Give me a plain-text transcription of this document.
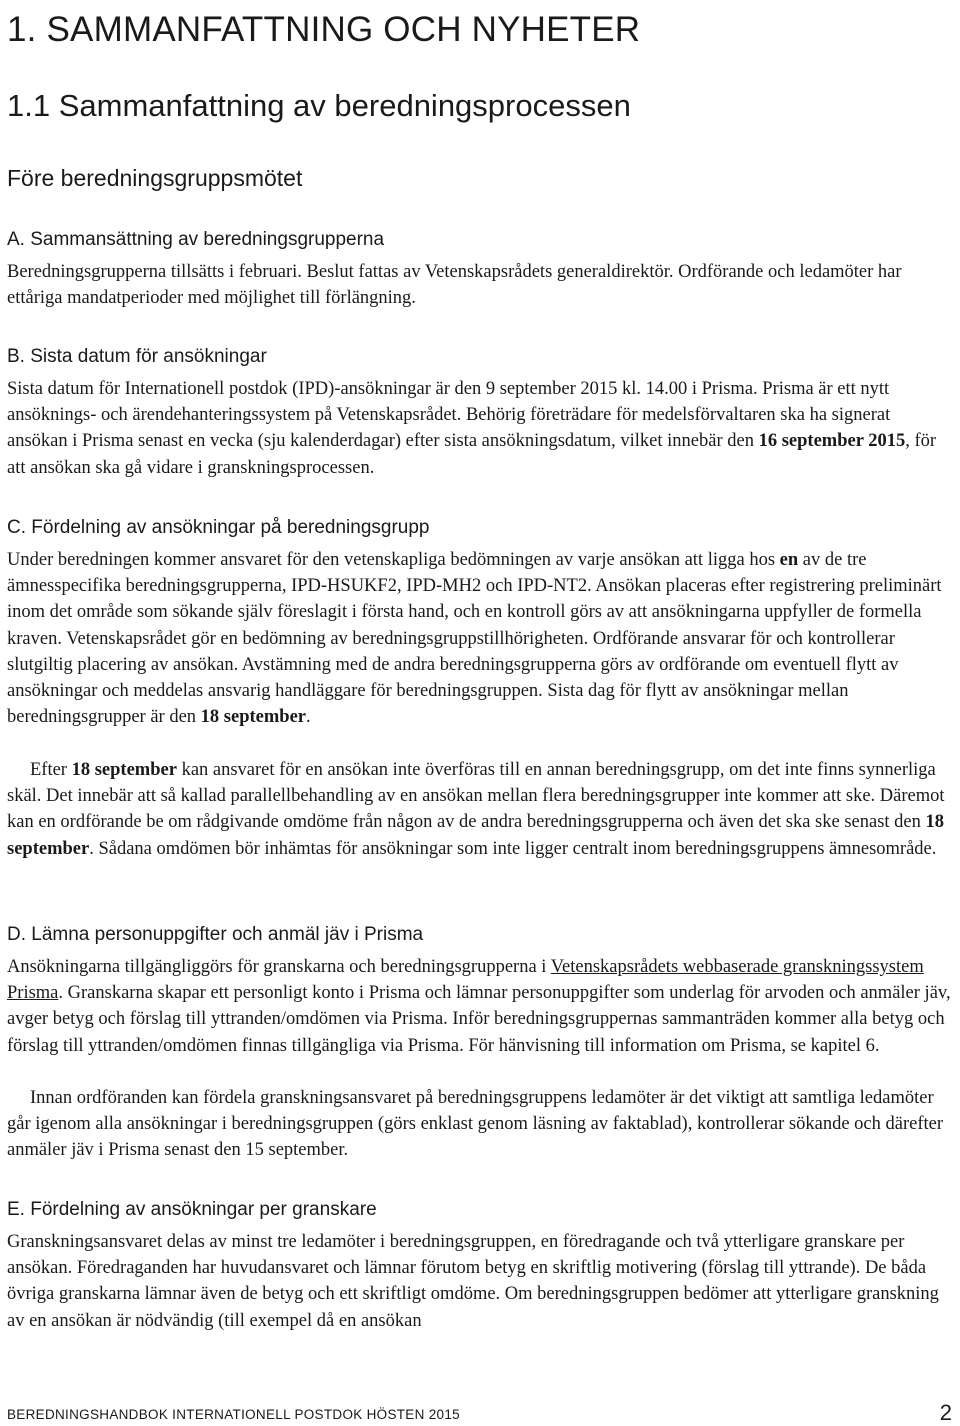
1. SAMMANFATTNING OCH NYHETER
1.1 Sammanfattning av beredningsprocessen
Före beredningsgruppsmötet
A. Sammansättning av beredningsgrupperna

Beredningsgrupperna tillsätts i februari. Beslut fattas av Vetenskapsrådets generaldirektör. Ordförande och ledamöter har ettåriga mandatperioder med möjlighet till förlängning.

B. Sista datum för ansökningar

Sista datum för Internationell postdok (IPD)-ansökningar är den 9 september 2015 kl. 14.00 i Prisma. Prisma är ett nytt ansöknings- och ärendehanteringssystem på Vetenskapsrådet. Behörig företrädare för medelsförvaltaren ska ha signerat ansökan i Prisma senast en vecka (sju kalenderdagar) efter sista ansökningsdatum, vilket innebär den 16 september 2015, för att ansökan ska gå vidare i granskningsprocessen.

C. Fördelning av ansökningar på beredningsgrupp

Under beredningen kommer ansvaret för den vetenskapliga bedömningen av varje ansökan att ligga hos en av de tre ämnesspecifika beredningsgrupperna, IPD-HSUKF2, IPD-MH2 och IPD-NT2. Ansökan placeras efter registrering preliminärt inom det område som sökande själv föreslagit i första hand, och en kontroll görs av att ansökningarna uppfyller de formella kraven. Vetenskapsrådet gör en bedömning av beredningsgruppstillhörigheten. Ordförande ansvarar för och kontrollerar slutgiltig placering av ansökan. Avstämning med de andra beredningsgrupperna görs av ordförande om eventuell flytt av ansökningar och meddelas ansvarig handläggare för beredningsgruppen. Sista dag för flytt av ansökningar mellan beredningsgrupper är den 18 september.

Efter 18 september kan ansvaret för en ansökan inte överföras till en annan beredningsgrupp, om det inte finns synnerliga skäl. Det innebär att så kallad parallellbehandling av en ansökan mellan flera beredningsgrupper inte kommer att ske. Däremot kan en ordförande be om rådgivande omdöme från någon av de andra beredningsgrupperna och även det ska ske senast den 18 september. Sådana omdömen bör inhämtas för ansökningar som inte ligger centralt inom beredningsgruppens ämnesområde.

D. Lämna personuppgifter och anmäl jäv i Prisma

Ansökningarna tillgängliggörs för granskarna och beredningsgrupperna i Vetenskapsrådets webbaserade granskningssystem Prisma. Granskarna skapar ett personligt konto i Prisma och lämnar personuppgifter som underlag för arvoden och anmäler jäv, avger betyg och förslag till yttranden/omdömen via Prisma. Inför beredningsgruppernas sammanträden kommer alla betyg och förslag till yttranden/omdömen finnas tillgängliga via Prisma. För hänvisning till information om Prisma, se kapitel 6.

Innan ordföranden kan fördela granskningsansvaret på beredningsgruppens ledamöter är det viktigt att samtliga ledamöter går igenom alla ansökningar i beredningsgruppen (görs enklast genom läsning av faktablad), kontrollerar sökande och därefter anmäler jäv i Prisma senast den 15 september.

E. Fördelning av ansökningar per granskare

Granskningsansvaret delas av minst tre ledamöter i beredningsgruppen, en föredragande och två ytterligare granskare per ansökan. Föredraganden har huvudansvaret och lämnar förutom betyg en skriftlig motivering (förslag till yttrande). De båda övriga granskarna lämnar även de betyg och ett skriftligt omdöme. Om beredningsgruppen bedömer att ytterligare granskning av en ansökan är nödvändig (till exempel då en ansökan

BEREDNINGSHANDBOK INTERNATIONELL POSTDOK HÖSTEN 2015	2
